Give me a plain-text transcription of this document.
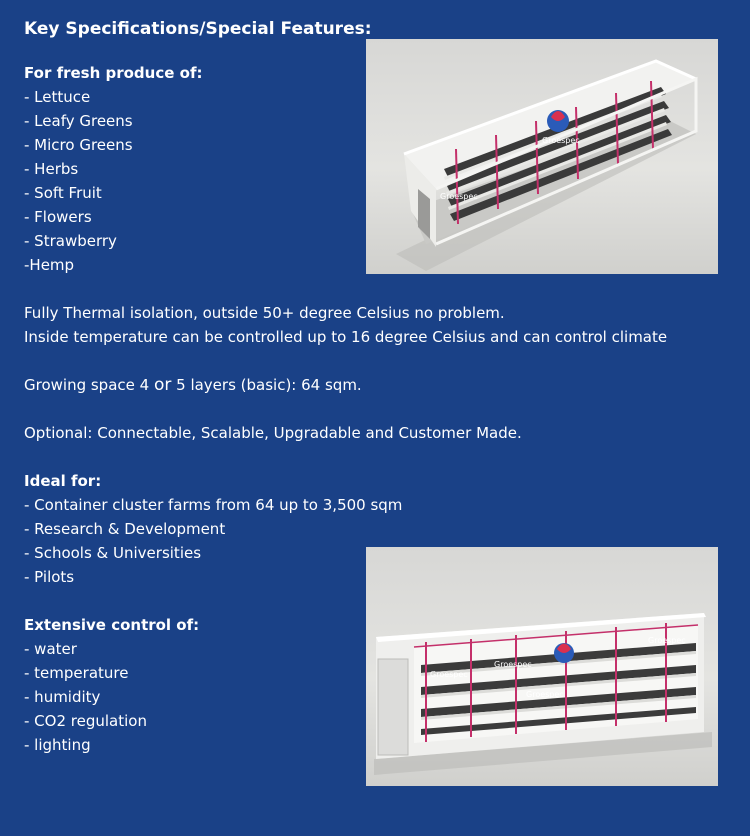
Key Specifications/Special Features:
For fresh produce of:
- Lettuce
- Leafy Greens
- Micro Greens
- Herbs
- Soft Fruit
- Flowers
- Strawberry
-Hemp
Fully Thermal isolation, outside 50+ degree Celsius no problem.
Inside temperature can be controlled up to 16 degree Celsius and can control climate
Growing space 4 or 5 layers (basic): 64 sqm.
Optional: Connectable, Scalable, Upgradable and Customer Made.
Ideal for:
- Container cluster farms from 64 up to 3,500 sqm
- Research & Development
- Schools & Universities
- Pilots
Extensive control of:
- water
- temperature
- humidity
- CO2 regulation
- lighting
Groespec
Groespec
Groespec
Groespec
Groespec
Groespec
